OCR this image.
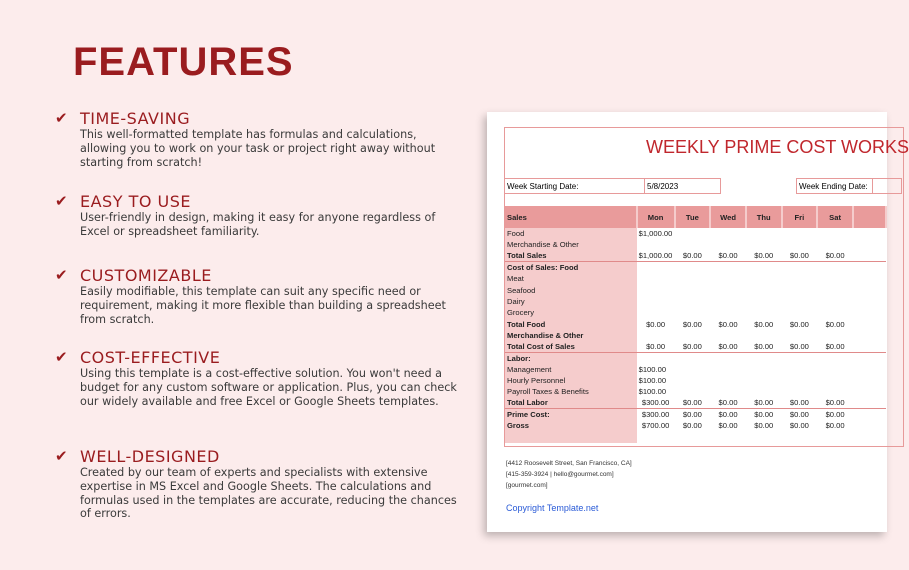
FEATURES
✔ TIME-SAVING

This well-formatted template has formulas and calculations, allowing you to work on your task or project right away without starting from scratch!

✔ EASY TO USE

User-friendly in design, making it easy for anyone regardless of Excel or spreadsheet familiarity.

✔ CUSTOMIZABLE

Easily modifiable, this template can suit any specific need or requirement, making it more flexible than building a spreadsheet from scratch.

✔ COST-EFFECTIVE

Using this template is a cost-effective solution. You won't need a budget for any custom software or application. Plus, you can check our widely available and free Excel or Google Sheets templates.

✔ WELL-DESIGNED

Created by our team of experts and specialists with extensive expertise in MS Excel and Google Sheets. The calculations and formulas used in the templates are accurate, reducing the chances of errors.

WEEKLY PRIME COST WORKS
Week Starting Date:	5/8/2023	Week Ending Date:
Sales	Mon	Tue	Wed	Thu	Fri	Sat	
Food	$1,000.00						
Merchandise & Other							
Total Sales	$1,000.00	$0.00	$0.00	$0.00	$0.00	$0.00	
Cost of Sales: Food							
Meat							
Seafood							
Dairy							
Grocery							
Total Food	$0.00	$0.00	$0.00	$0.00	$0.00	$0.00	
Merchandise & Other							
Total Cost of Sales	$0.00	$0.00	$0.00	$0.00	$0.00	$0.00	
Labor:							
Management	$100.00						
Hourly Personnel	$100.00						
Payroll Taxes & Benefits	$100.00						
Total Labor	$300.00	$0.00	$0.00	$0.00	$0.00	$0.00	
Prime Cost:	$300.00	$0.00	$0.00	$0.00	$0.00	$0.00	
Gross	$700.00	$0.00	$0.00	$0.00	$0.00	$0.00	

[4412 Roosevelt Street, San Francisco, CA]
[415-359-3924 | hello@gourmet.com]
[gourmet.com]
Copyright Template.net
